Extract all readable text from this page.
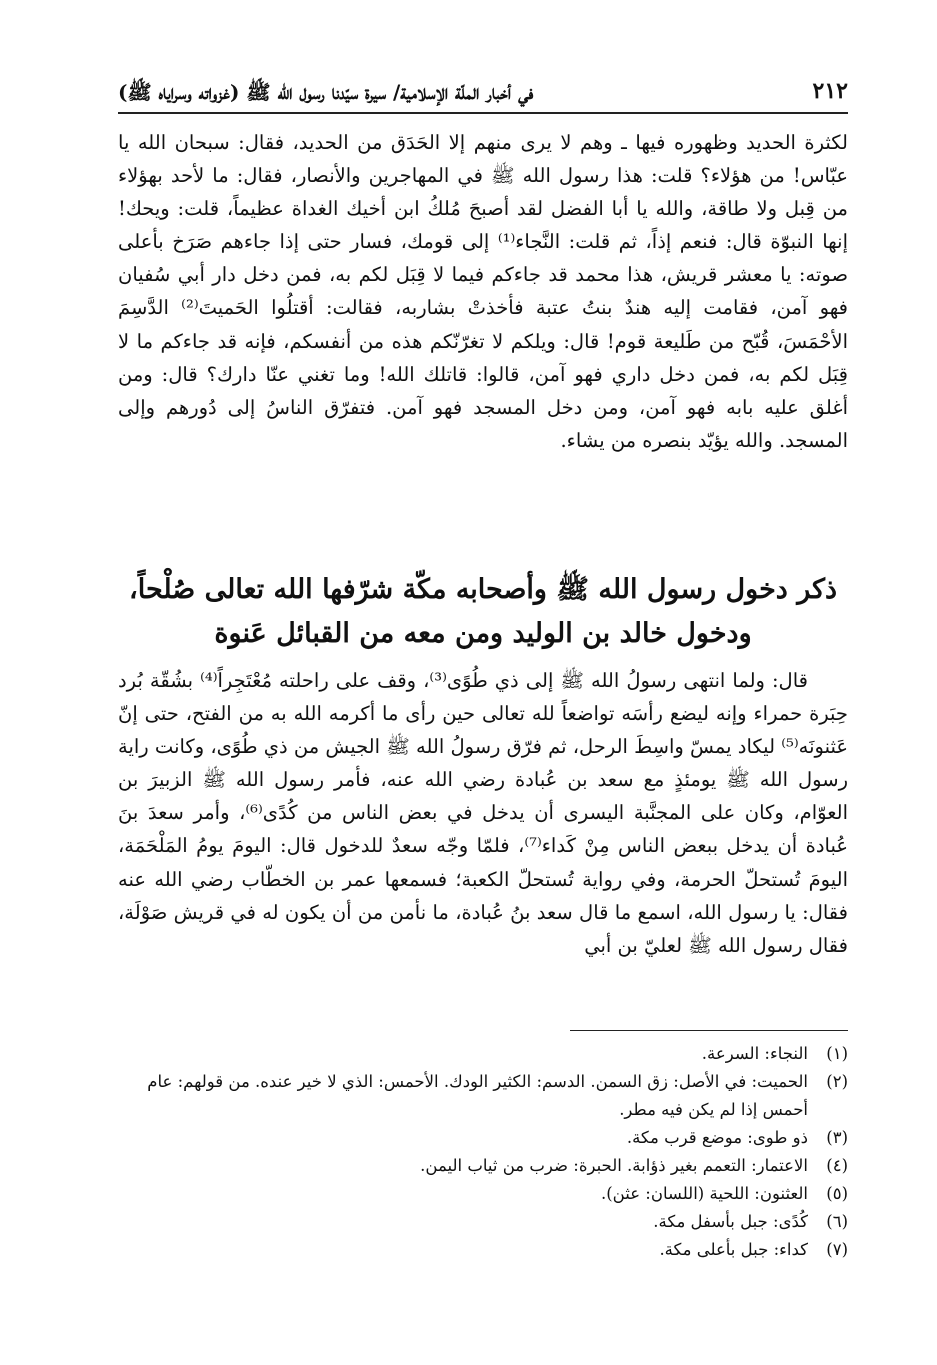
٢١٢
في أخبار الملّة الإسلامية/ سيرة سيّدنا رسول الله ﷺ (غزواته وسراياه ﷺ)

لكثرة الحديد وظهوره فيها ـ وهم لا يرى منهم إلا الحَدَق من الحديد، فقال: سبحان الله يا عبّاس! من هؤلاء؟ قلت: هذا رسول الله ﷺ في المهاجرين والأنصار، فقال: ما لأحد بهؤلاء من قِبل ولا طاقة، والله يا أبا الفضل لقد أصبحَ مُلكُ ابن أخيك الغداة عظيماً، قلت: ويحك! إنها النبوّة قال: فنعم إذاً، ثم قلت: النَّجاء⁽¹⁾ إلى قومك، فسار حتى إذا جاءهم صَرَخ بأعلى صوته: يا معشر قريش، هذا محمد قد جاءكم فيما لا قِبَل لكم به، فمن دخل دار أبي سُفيان فهو آمن، فقامت إليه هندٌ بنتُ عتبة فأخذتْ بشاربه، فقالت: أقتلُوا الحَميتَ⁽²⁾ الدَّسِمَ الأحْمَسَ، قُبّح من طَليعة قوم! قال: ويلكم لا تغرّنّكم هذه من أنفسكم، فإنه قد جاءكم ما لا قِبَل لكم به، فمن دخل داري فهو آمن، قالوا: قاتلك الله! وما تغني عنّا دارك؟ قال: ومن أغلق عليه بابه فهو آمن، ومن دخل المسجد فهو آمن. فتفرّق الناسُ إلى دُورهم وإلى المسجد. والله يؤيّد بنصره من يشاء.

ذكر دخول رسول الله ﷺ وأصحابه مكّة شرّفها الله تعالى صُلْحاً،
ودخول خالد بن الوليد ومن معه من القبائل عَنوة

قال: ولما انتهى رسولُ الله ﷺ إلى ذي طُوًى⁽³⁾، وقف على راحلته مُعْتَجِراً⁽⁴⁾ بشُقّة بُرد حِبَرة حمراء وإنه ليضع رأسَه تواضعاً لله تعالى حين رأى ما أكرمه الله به من الفتح، حتى إنّ عَثنونَه⁽⁵⁾ ليكاد يمسّ واسِطَ الرحل، ثم فرّق رسولُ الله ﷺ الجيش من ذي طُوًى، وكانت راية رسول الله ﷺ يومئذٍ مع سعد بن عُبادة رضي الله عنه، فأمر رسول الله ﷺ الزبيرَ بن العوّام، وكان على المجنَّبة اليسرى أن يدخل في بعض الناس من كُدًى⁽⁶⁾، وأمر سعدَ بنَ عُبادة أن يدخل ببعض الناس مِنْ كَداء⁽⁷⁾، فلمّا وجّه سعدٌ للدخول قال: اليومَ يومُ المَلْحَمَة، اليومَ تُستحلّ الحرمة، وفي رواية تُستحلّ الكعبة؛ فسمعها عمر بن الخطّاب رضي الله عنه فقال: يا رسول الله، اسمع ما قال سعد بنُ عُبادة، ما نأمن من أن يكون له في قريش صَوْلَة، فقال رسول الله ﷺ لعليّ بن أبي

(١)
النجاء: السرعة.
(٢)
الحميت: في الأصل: زق السمن. الدسم: الكثير الودك. الأحمس: الذي لا خير عنده. من قولهم: عام أحمس إذا لم يكن فيه مطر.
(٣)
ذو طوى: موضع قرب مكة.
(٤)
الاعتمار: التعمم بغير ذؤابة. الحبرة: ضرب من ثياب اليمن.
(٥)
العثنون: اللحية (اللسان: عثن).
(٦)
كُدًى: جبل بأسفل مكة.
(٧)
كداء: جبل بأعلى مكة.
